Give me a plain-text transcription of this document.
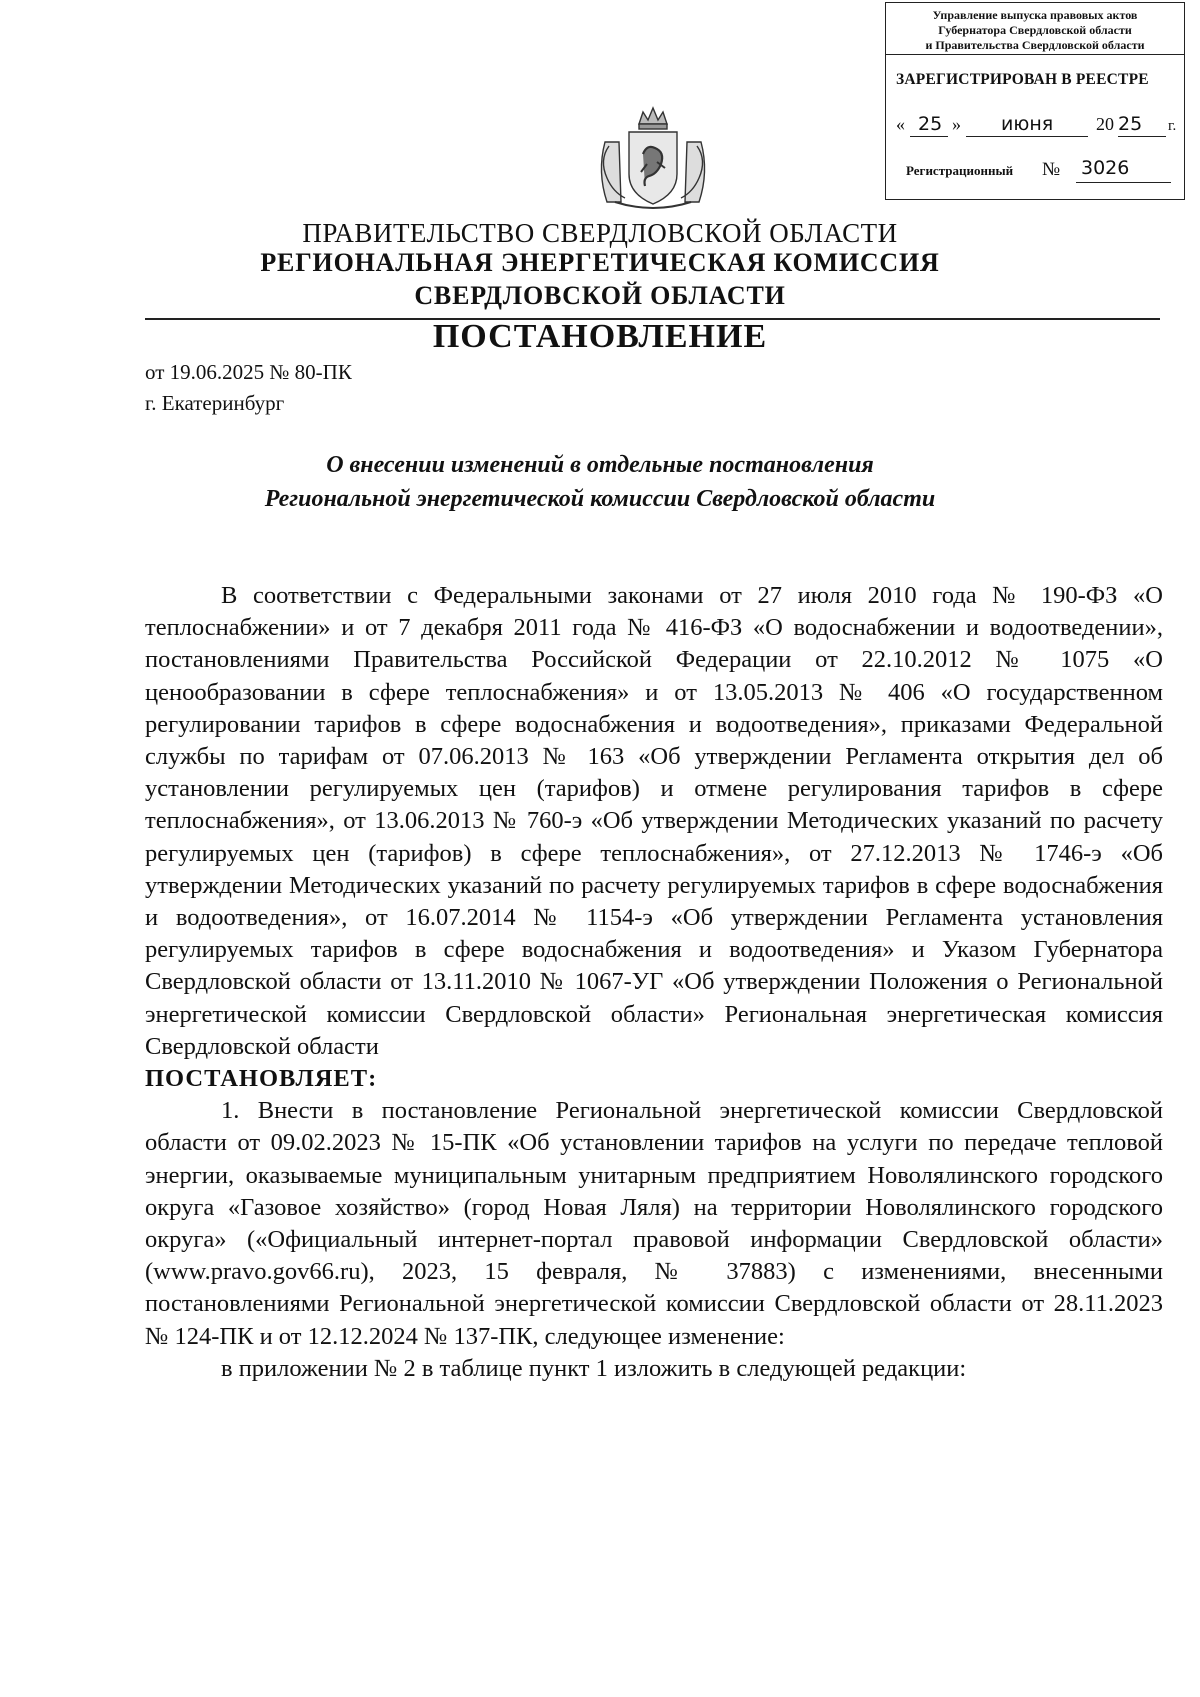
Управление выпуска правовых актов
Губернатора Свердловской области
и Правительства Свердловской области
ЗАРЕГИСТРИРОВАН В РЕЕСТРЕ
« 25 » июня 20 25 г.
Регистрационный № 3026
ПРАВИТЕЛЬСТВО СВЕРДЛОВСКОЙ ОБЛАСТИ
РЕГИОНАЛЬНАЯ ЭНЕРГЕТИЧЕСКАЯ КОМИССИЯ
СВЕРДЛОВСКОЙ ОБЛАСТИ
ПОСТАНОВЛЕНИЕ
от 19.06.2025 № 80-ПК
г. Екатеринбург
О внесении изменений в отдельные постановления
Региональной энергетической комиссии Свердловской области

В соответствии с Федеральными законами от 27 июля 2010 года № 190-ФЗ «О теплоснабжении» и от 7 декабря 2011 года № 416-ФЗ «О водоснабжении и водоотведении», постановлениями Правительства Российской Федерации от 22.10.2012 № 1075 «О ценообразовании в сфере теплоснабжения» и от 13.05.2013 № 406 «О государственном регулировании тарифов в сфере водоснабжения и водоотведения», приказами Федеральной службы по тарифам от 07.06.2013 № 163 «Об утверждении Регламента открытия дел об установлении регулируемых цен (тарифов) и отмене регулирования тарифов в сфере теплоснабжения», от 13.06.2013 № 760-э «Об утверждении Методических указаний по расчету регулируемых цен (тарифов) в сфере теплоснабжения», от 27.12.2013 № 1746-э «Об утверждении Методических указаний по расчету регулируемых тарифов в сфере водоснабжения и водоотведения», от 16.07.2014 № 1154-э «Об утверждении Регламента установления регулируемых тарифов в сфере водоснабжения и водоотведения» и Указом Губернатора Свердловской области от 13.11.2010 № 1067-УГ «Об утверждении Положения о Региональной энергетической комиссии Свердловской области» Региональная энергетическая комиссия Свердловской области

ПОСТАНОВЛЯЕТ:

1. Внести в постановление Региональной энергетической комиссии Свердловской области от 09.02.2023 № 15-ПК «Об установлении тарифов на услуги по передаче тепловой энергии, оказываемые муниципальным унитарным предприятием Новолялинского городского округа «Газовое хозяйство» (город Новая Ляля) на территории Новолялинского городского округа» («Официальный интернет-портал правовой информации Свердловской области» (www.pravo.gov66.ru), 2023, 15 февраля, № 37883) с изменениями, внесенными постановлениями Региональной энергетической комиссии Свердловской области от 28.11.2023 № 124-ПК и от 12.12.2024 № 137-ПК, следующее изменение:

в приложении № 2 в таблице пункт 1 изложить в следующей редакции:
